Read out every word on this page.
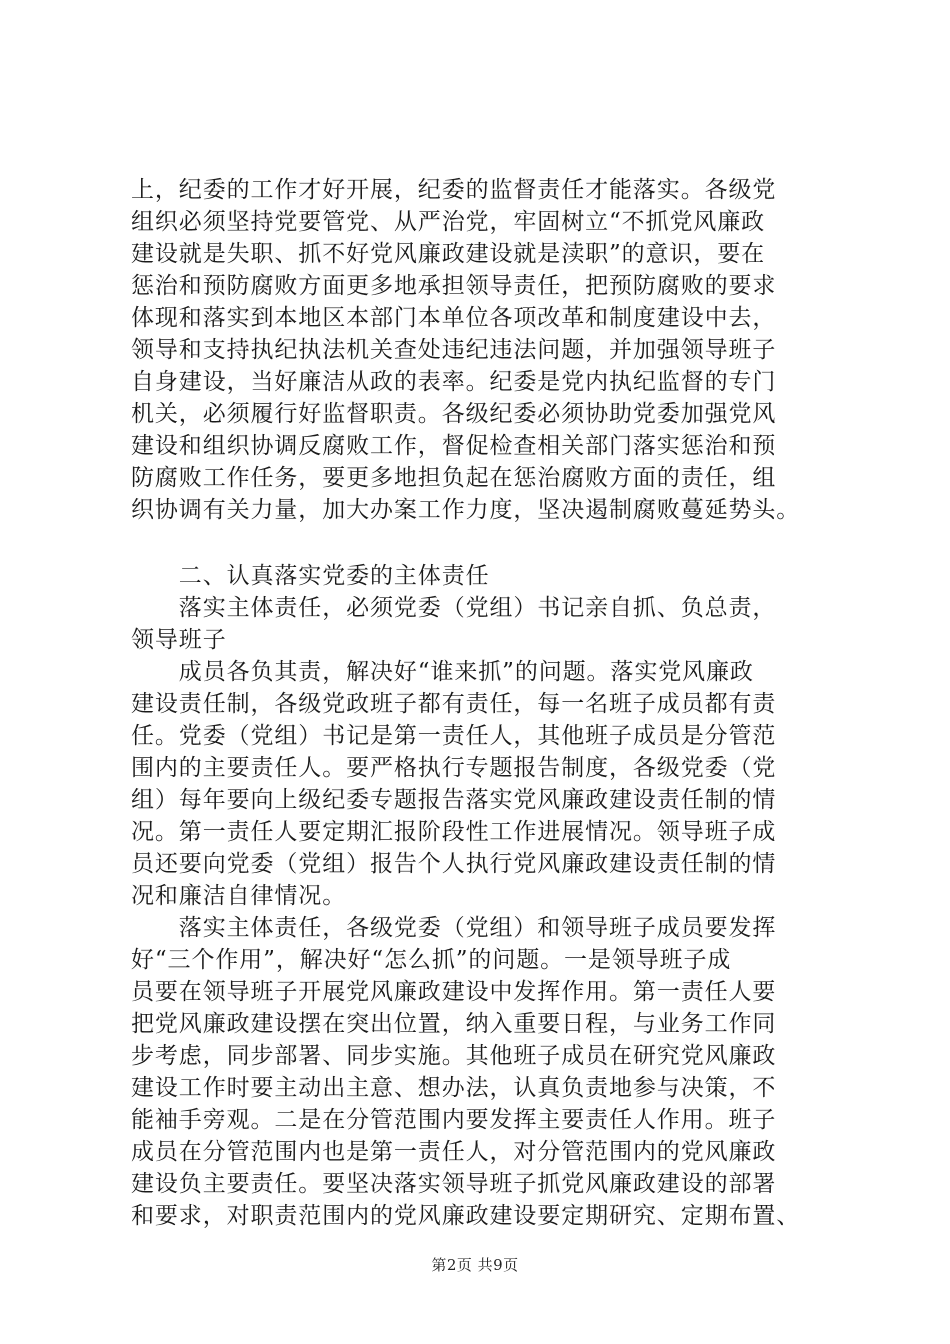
上，纪委的工作才好开展，纪委的监督责任才能落实。各级党
组织必须坚持党要管党、从严治党，牢固树立“不抓党风廉政
建设就是失职、抓不好党风廉政建设就是渎职”的意识，要在
惩治和预防腐败方面更多地承担领导责任，把预防腐败的要求
体现和落实到本地区本部门本单位各项改革和制度建设中去，
领导和支持执纪执法机关查处违纪违法问题，并加强领导班子
自身建设，当好廉洁从政的表率。纪委是党内执纪监督的专门
机关，必须履行好监督职责。各级纪委必须协助党委加强党风
建设和组织协调反腐败工作，督促检查相关部门落实惩治和预
防腐败工作任务，要更多地担负起在惩治腐败方面的责任，组
织协调有关力量，加大办案工作力度，坚决遏制腐败蔓延势头。
　　二、认真落实党委的主体责任
　　落实主体责任，必须党委（党组）书记亲自抓、负总责，
领导班子
　　成员各负其责，解决好“谁来抓”的问题。落实党风廉政
建设责任制，各级党政班子都有责任，每一名班子成员都有责
任。党委（党组）书记是第一责任人，其他班子成员是分管范
围内的主要责任人。要严格执行专题报告制度，各级党委（党
组）每年要向上级纪委专题报告落实党风廉政建设责任制的情
况。第一责任人要定期汇报阶段性工作进展情况。领导班子成
员还要向党委（党组）报告个人执行党风廉政建设责任制的情
况和廉洁自律情况。
　　落实主体责任，各级党委（党组）和领导班子成员要发挥
好“三个作用”，解决好“怎么抓”的问题。一是领导班子成
员要在领导班子开展党风廉政建设中发挥作用。第一责任人要
把党风廉政建设摆在突出位置，纳入重要日程，与业务工作同
步考虑，同步部署、同步实施。其他班子成员在研究党风廉政
建设工作时要主动出主意、想办法，认真负责地参与决策，不
能袖手旁观。二是在分管范围内要发挥主要责任人作用。班子
成员在分管范围内也是第一责任人，对分管范围内的党风廉政
建设负主要责任。要坚决落实领导班子抓党风廉政建设的部署
和要求，对职责范围内的党风廉政建设要定期研究、定期布置、
第2页 共9页
